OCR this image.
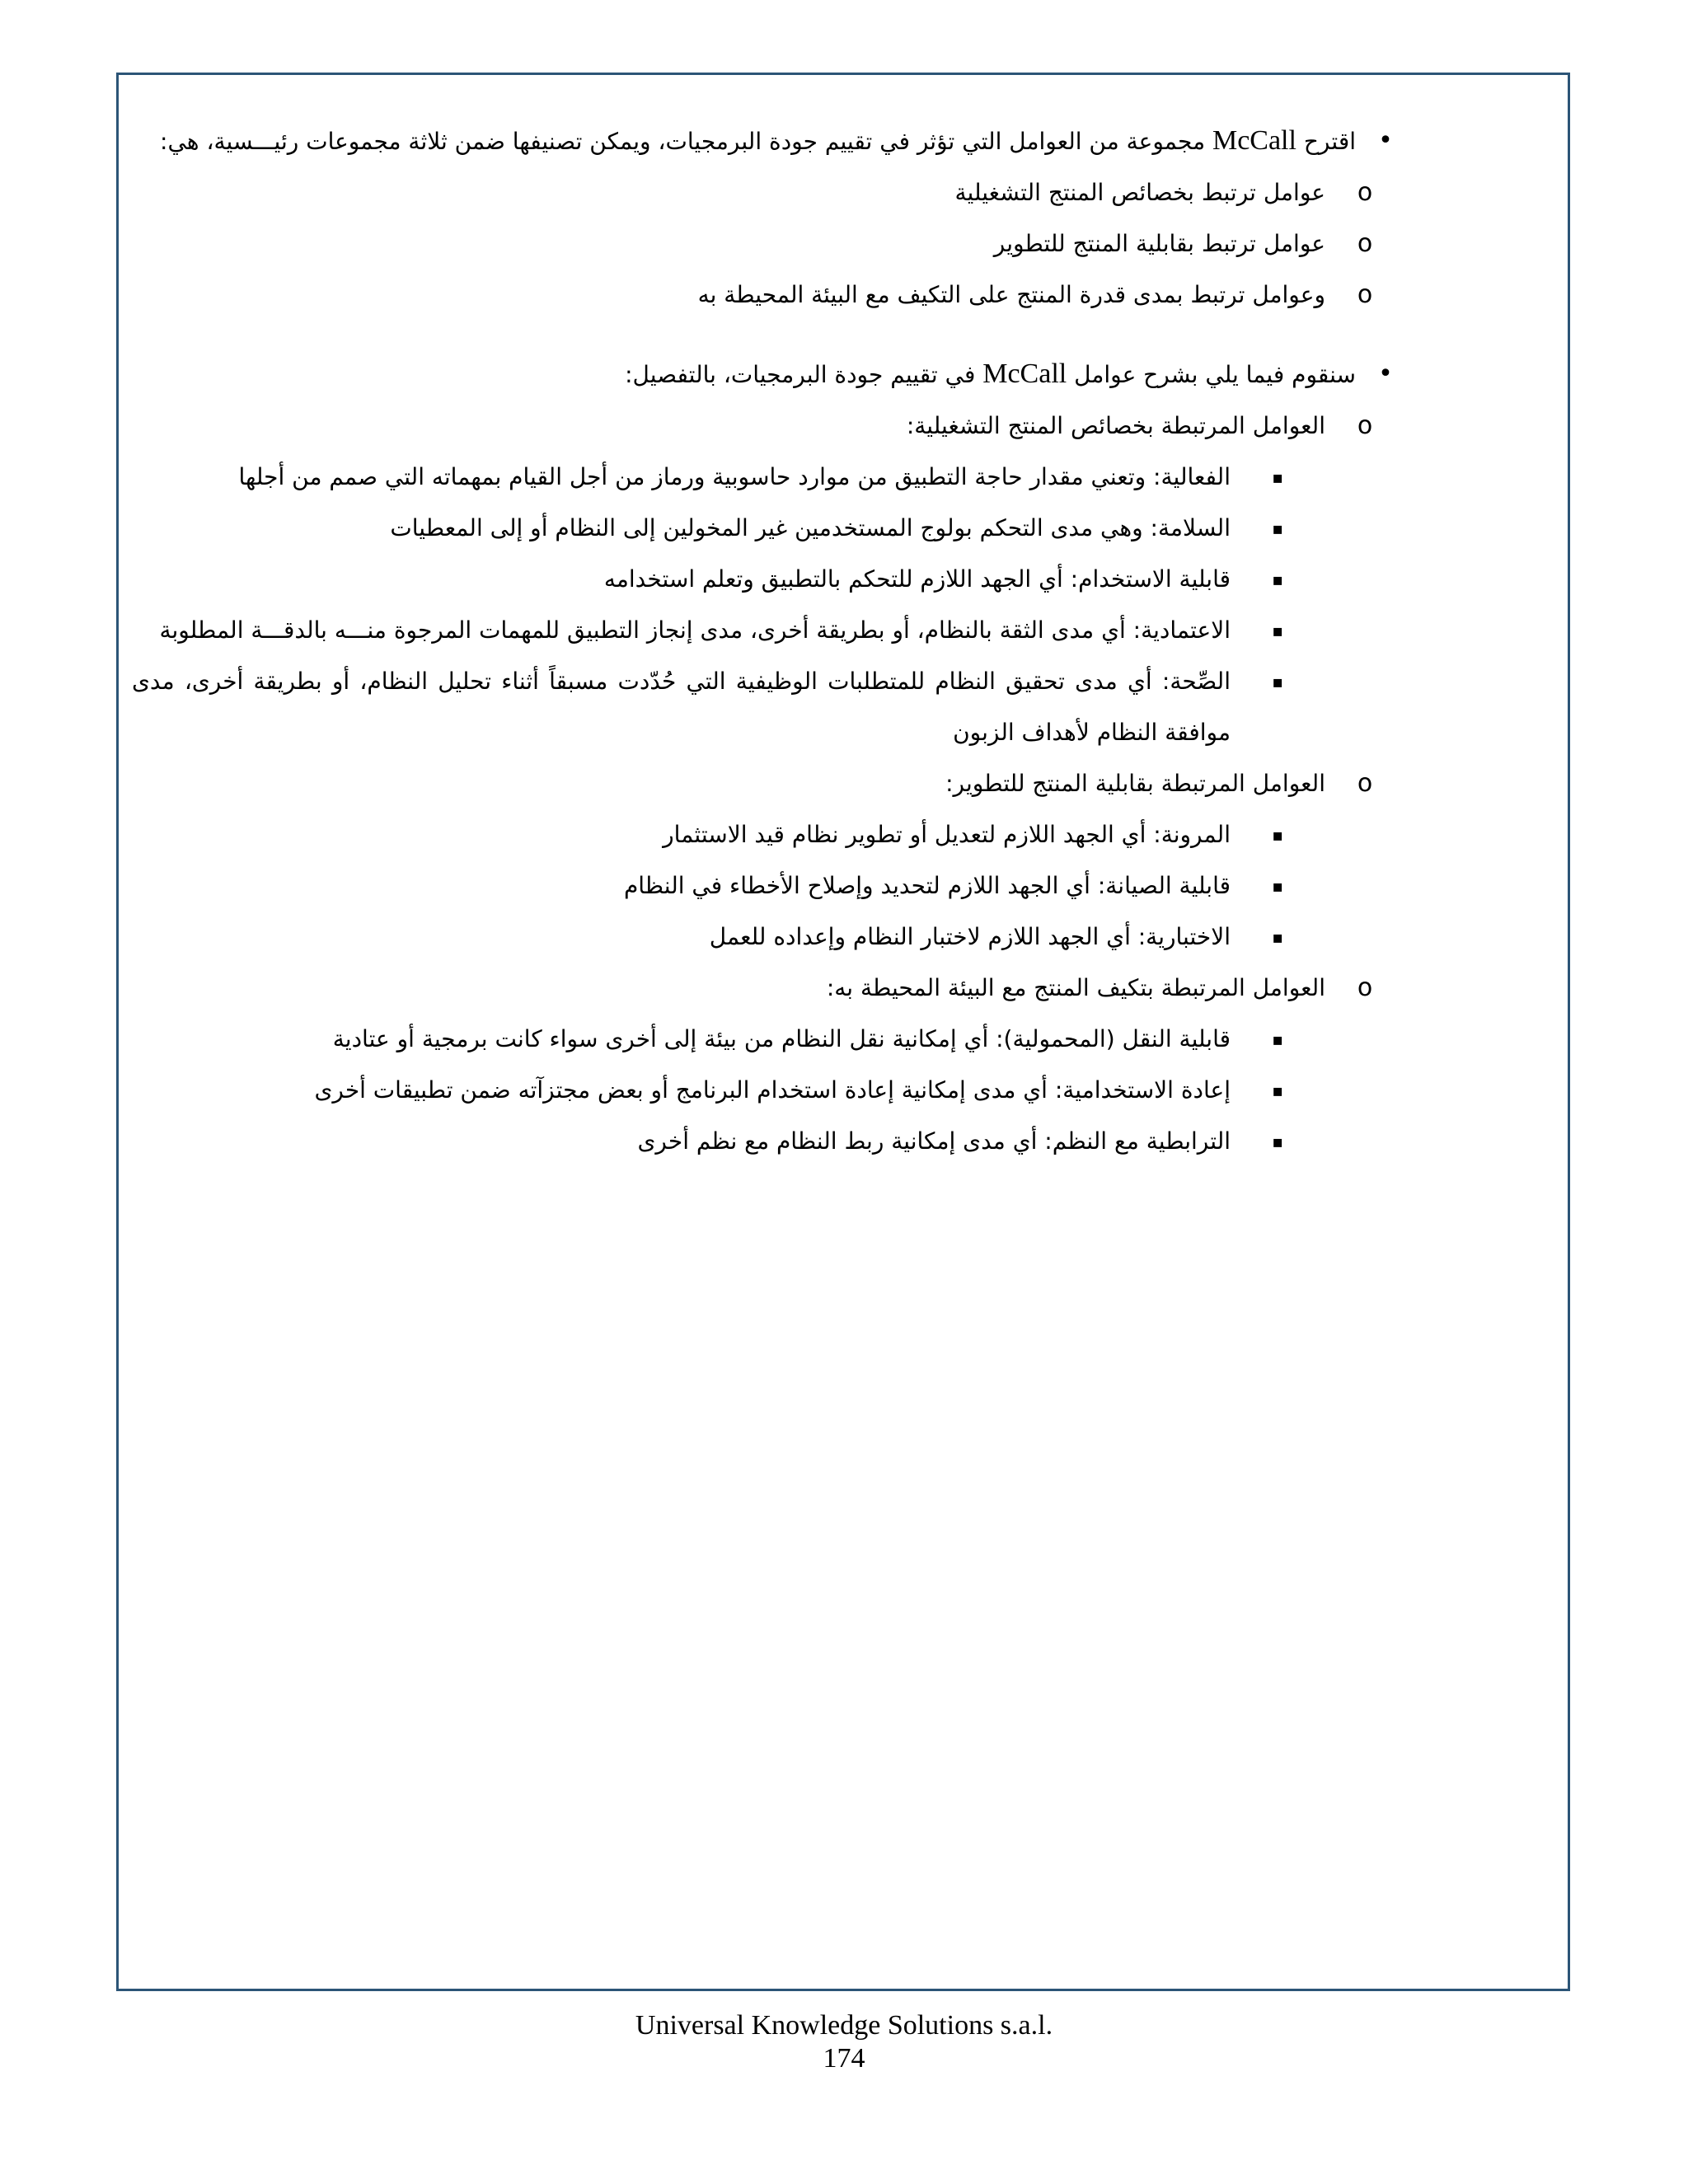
•
اقترح McCall مجموعة من العوامل التي تؤثر في تقييم جودة البرمجيات، ويمكن تصنيفها ضمن ثلاثة مجموعات رئيـــسية، هي:
o
عوامل ترتبط بخصائص المنتج التشغيلية
o
عوامل ترتبط بقابلية المنتج للتطوير
o
وعوامل ترتبط بمدى قدرة المنتج على التكيف مع البيئة المحيطة به
•
سنقوم فيما يلي بشرح عوامل McCall في تقييم جودة البرمجيات، بالتفصيل:
o
العوامل المرتبطة بخصائص المنتج التشغيلية:
▪
الفعالية: وتعني مقدار حاجة التطبيق من موارد حاسوبية ورماز من أجل القيام بمهماته التي صمم من أجلها
▪
السلامة: وهي مدى التحكم بولوج المستخدمين غير المخولين إلى النظام أو إلى المعطيات
▪
قابلية الاستخدام: أي الجهد اللازم للتحكم بالتطبيق وتعلم استخدامه
▪
الاعتمادية: أي مدى الثقة بالنظام، أو بطريقة أخرى، مدى إنجاز التطبيق للمهمات المرجوة منـــه بالدقـــة المطلوبة
▪
الصِّحة: أي مدى تحقيق النظام للمتطلبات الوظيفية التي حُدّدت مسبقاً أثناء تحليل النظام، أو بطريقة أخرى، مدى موافقة النظام لأهداف الزبون
o
العوامل المرتبطة بقابلية المنتج للتطوير:
▪
المرونة: أي الجهد اللازم لتعديل أو تطوير نظام قيد الاستثمار
▪
قابلية الصيانة: أي الجهد اللازم لتحديد وإصلاح الأخطاء في النظام
▪
الاختبارية: أي الجهد اللازم لاختبار النظام وإعداده للعمل
o
العوامل المرتبطة بتكيف المنتج مع البيئة المحيطة به:
▪
قابلية النقل (المحمولية): أي إمكانية نقل النظام من بيئة إلى أخرى سواء كانت برمجية أو عتادية
▪
إعادة الاستخدامية: أي مدى إمكانية إعادة استخدام البرنامج أو بعض مجتزآته ضمن تطبيقات أخرى
▪
الترابطية مع النظم: أي مدى إمكانية ربط النظام مع نظم أخرى
Universal Knowledge Solutions s.a.l.
174
